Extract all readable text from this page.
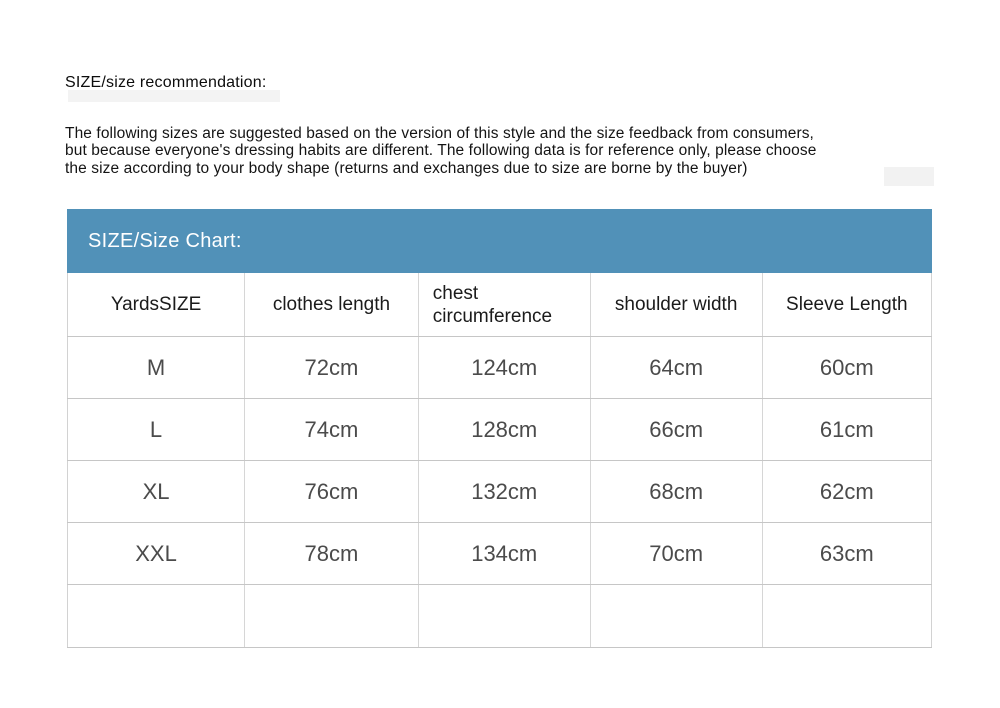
SIZE/size recommendation:
The following sizes are suggested based on the version of this style and the size feedback from consumers,
but because everyone's dressing habits are different. The following data is for reference only, please choose
the size according to your body shape (returns and exchanges due to size are borne by the buyer)
SIZE/Size Chart:
YardsSIZE	clothes length	chest circumference	shoulder width	Sleeve Length
M	72cm	124cm	64cm	60cm
L	74cm	128cm	66cm	61cm
XL	76cm	132cm	68cm	62cm
XXL	78cm	134cm	70cm	63cm
